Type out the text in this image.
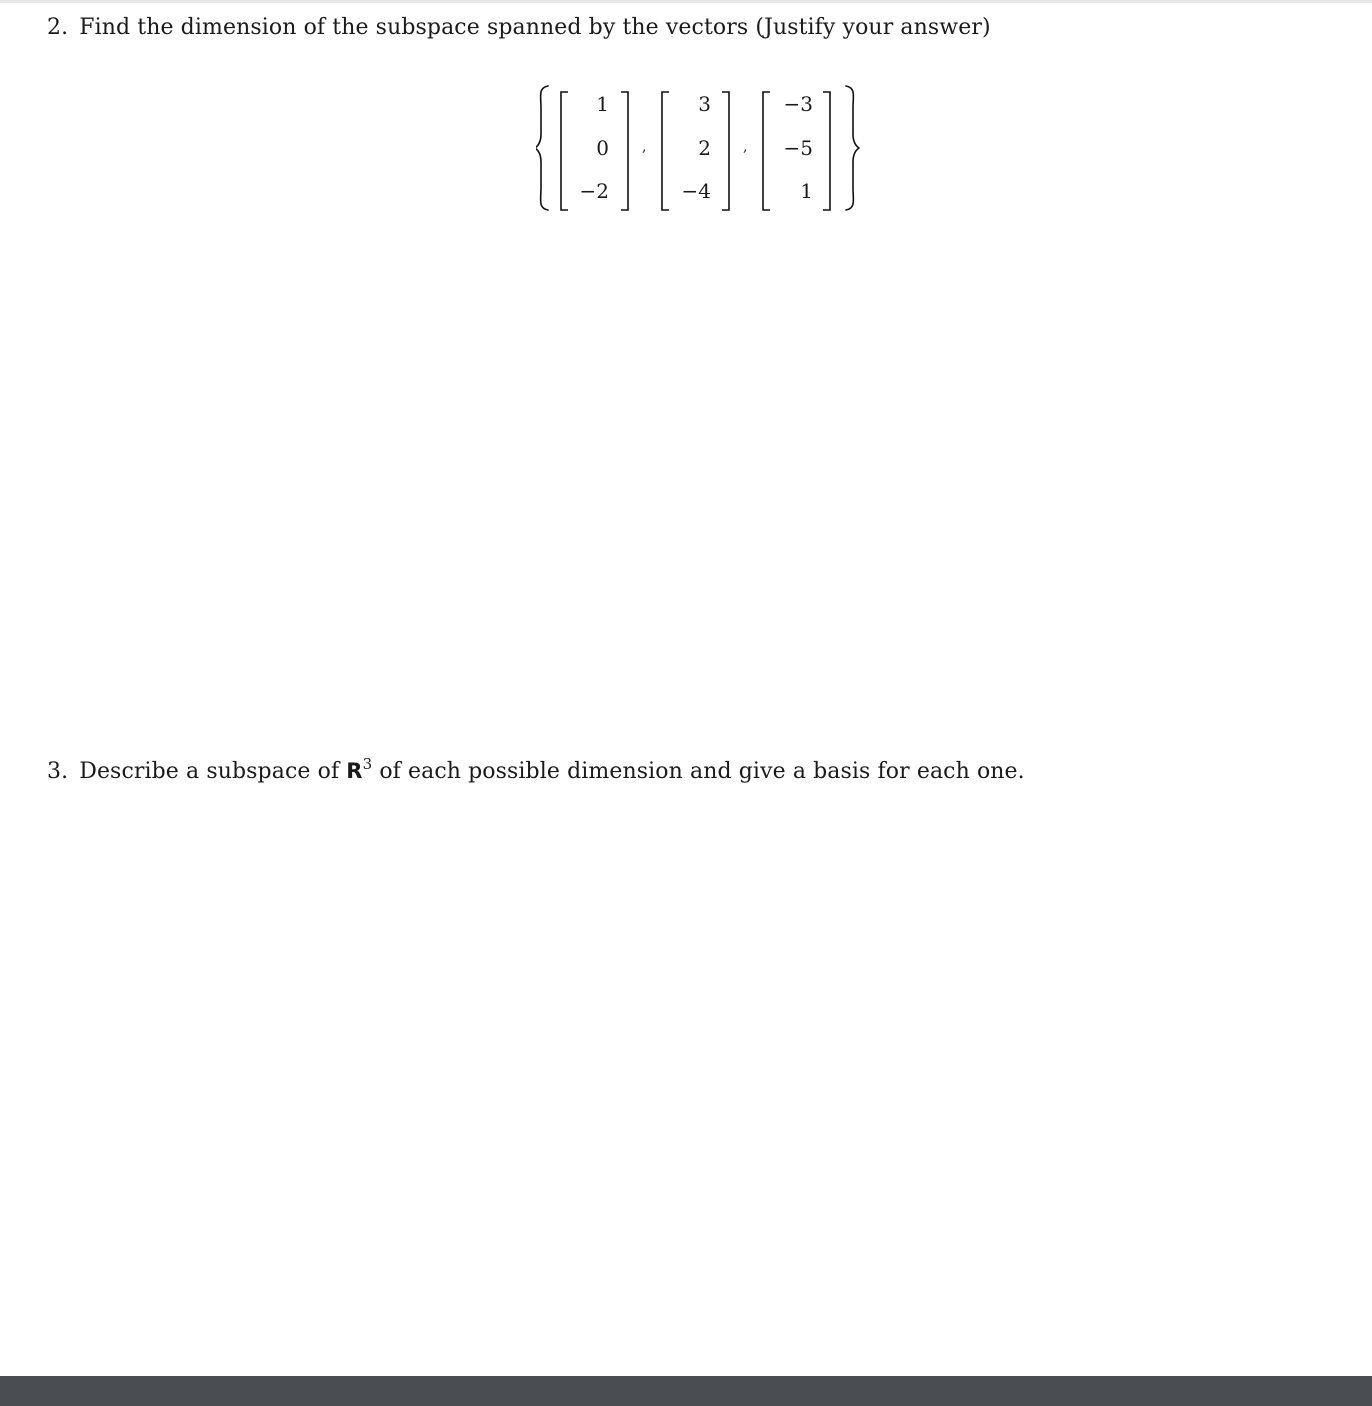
2. Find the dimension of the subspace spanned by the vectors (Justify your answer)
1
0
−2
,
3
2
−4
,
−3
−5
1
3. Describe a subspace of $R^3$ of each possible dimension and give a basis for each one.
